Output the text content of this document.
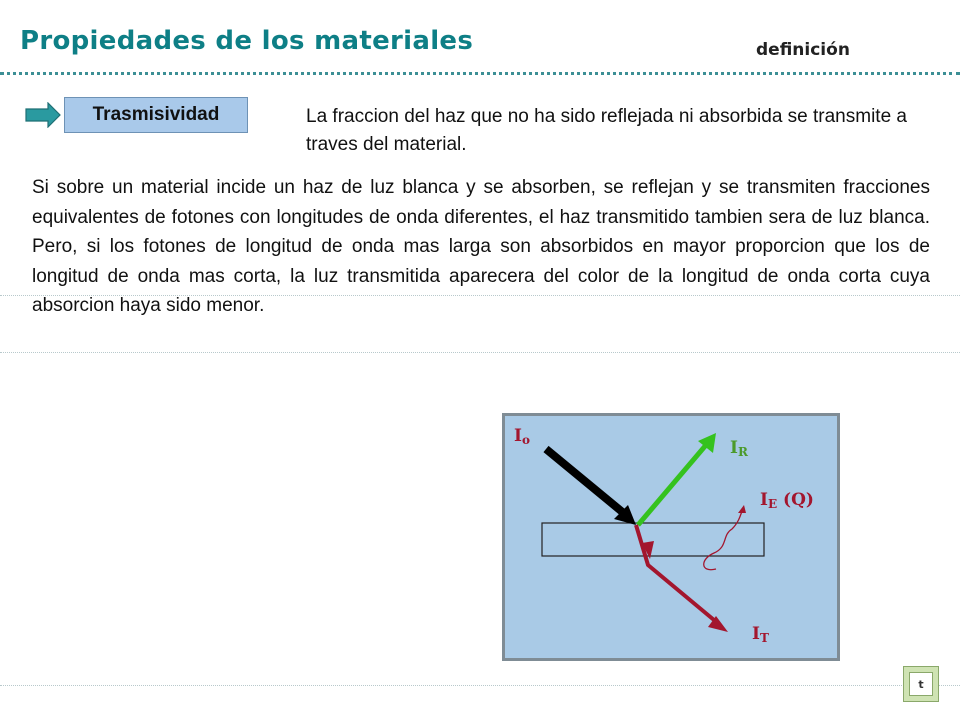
Propiedades de los materiales	definición
Trasmisividad	La fraccion del haz que no ha sido reflejada ni absorbida se transmite a traves del material.
Si sobre un material incide un haz de luz blanca y se absorben, se reflejan y se transmiten fracciones equivalentes de fotones con longitudes de onda diferentes, el haz transmitido tambien sera de luz blanca. Pero, si los fotones de longitud de onda mas larga son absorbidos en mayor proporcion que los de longitud de onda mas corta, la luz transmitida aparecera del color de la longitud de onda corta cuya absorcion haya sido menor.
Io	IR
IE (Q)
IT
t
